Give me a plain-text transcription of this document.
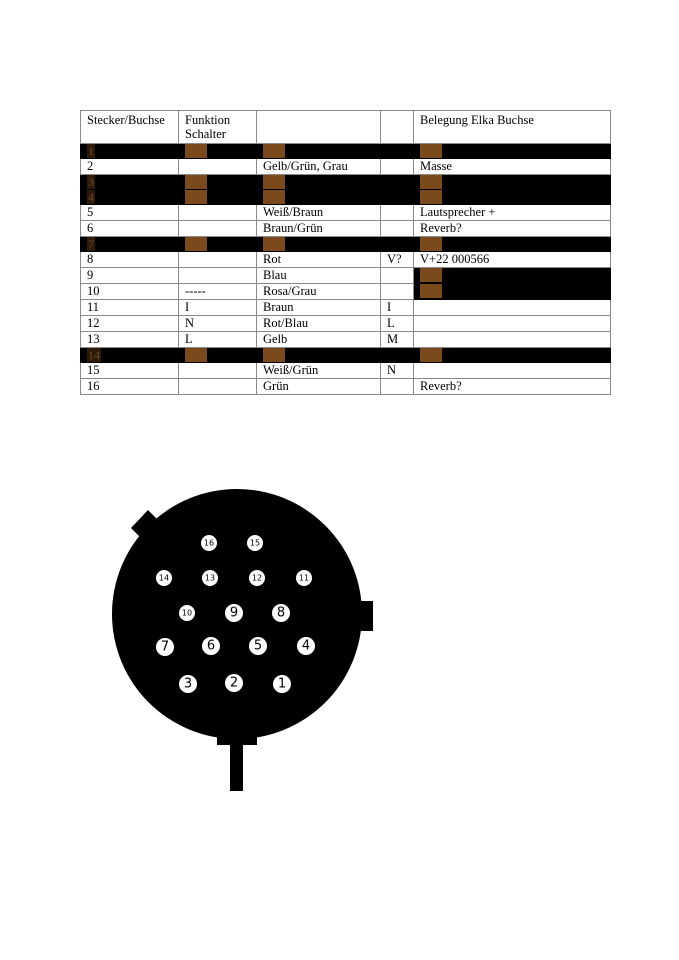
Stecker/Buchse	Funktion Schalter			Belegung Elka Buchse
1				
2		Gelb/Grün, Grau		Masse
3				
4				
5		Weiß/Braun		Lautsprecher +
6		Braun/Grün		Reverb?
7				
8		Rot	V?	V+22 000566
9		Blau		
10	-----	Rosa/Grau		
11	I	Braun	I	
12	N	Rot/Blau	L	
13	L	Gelb	M	
14				
15		Weiß/Grün	N	
16		Grün		Reverb?
16	15
14	13	12	11
10	9	8
7	6	5	4
3	2	1
